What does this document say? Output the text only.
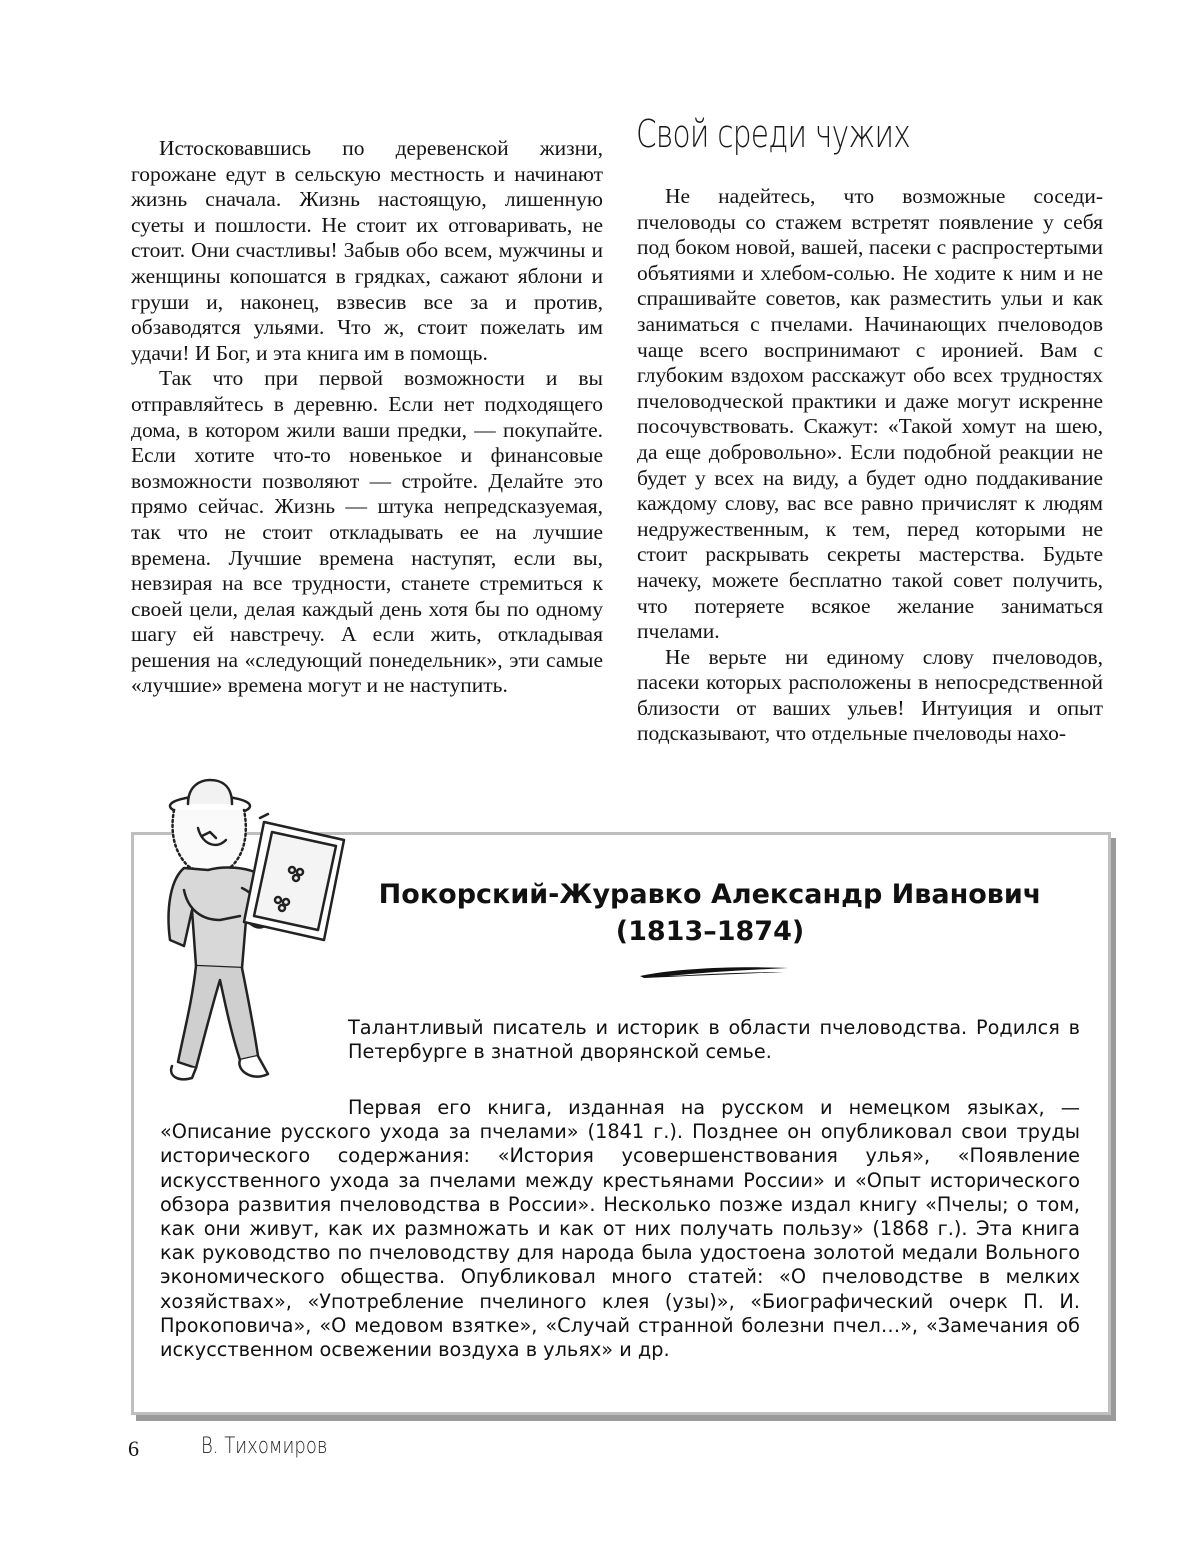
Истосковавшись по деревенской жизни, горожане едут в сельскую местность и начинают жизнь сначала. Жизнь настоящую, лишенную суеты и пошлости. Не стоит их отговаривать, не стоит. Они счастливы! Забыв обо всем, мужчины и женщины копошатся в грядках, сажают яблони и груши и, наконец, взвесив все за и против, обзаводятся ульями. Что ж, стоит пожелать им удачи! И Бог, и эта книга им в помощь.

Так что при первой возможности и вы отправляйтесь в деревню. Если нет подходящего дома, в котором жили ваши предки, — покупайте. Если хотите что-то новенькое и финансовые возможности позволяют — стройте. Делайте это прямо сейчас. Жизнь — штука непредсказуемая, так что не стоит откладывать ее на лучшие времена. Лучшие времена наступят, если вы, невзирая на все трудности, станете стремиться к своей цели, делая каждый день хотя бы по одному шагу ей навстречу. А если жить, откладывая решения на «следующий понедельник», эти самые «лучшие» времена могут и не наступить.

Свой среди чужих

Не надейтесь, что возможные соседи-пчеловоды со стажем встретят появление у себя под боком новой, вашей, пасеки с распростертыми объятиями и хлебом-солью. Не ходите к ним и не спрашивайте советов, как разместить ульи и как заниматься с пчелами. Начинающих пчеловодов чаще всего воспринимают с иронией. Вам с глубоким вздохом расскажут обо всех трудностях пчеловодческой практики и даже могут искренне посочувствовать. Скажут: «Такой хомут на шею, да еще добровольно». Если подобной реакции не будет у всех на виду, а будет одно поддакивание каждому слову, вас все равно причислят к людям недружественным, к тем, перед которыми не стоит раскрывать секреты мастерства. Будьте начеку, можете бесплатно такой совет получить, что потеряете всякое желание заниматься пчелами.

Не верьте ни единому слову пчеловодов, пасеки которых расположены в непосредственной близости от ваших ульев! Интуиция и опыт подсказывают, что отдельные пчеловоды нахо-

Покорский-Журавко Александр Иванович
(1813–1874)

Талантливый писатель и историк в области пчеловодства. Родился в Петербурге в знатной дворянской семье.

Первая его книга, изданная на русском и немецком языках, — «Описание русского ухода за пчелами» (1841 г.). Позднее он опубликовал свои труды исторического содержания: «История усовершенствования улья», «Появление искусственного ухода за пчелами между крестьянами России» и «Опыт исторического обзора развития пчеловодства в России». Несколько позже издал книгу «Пчелы; о том, как они живут, как их размножать и как от них получать пользу» (1868 г.). Эта книга как руководство по пчеловодству для народа была удостоена золотой медали Вольного экономического общества. Опубликовал много статей: «О пчеловодстве в мелких хозяйствах», «Употребление пчелиного клея (узы)», «Биографический очерк П. И. Прокоповича», «О медовом взятке», «Случай странной болезни пчел…», «Замечания об искусственном освежении воздуха в ульях» и др.

6	В. Тихомиров
